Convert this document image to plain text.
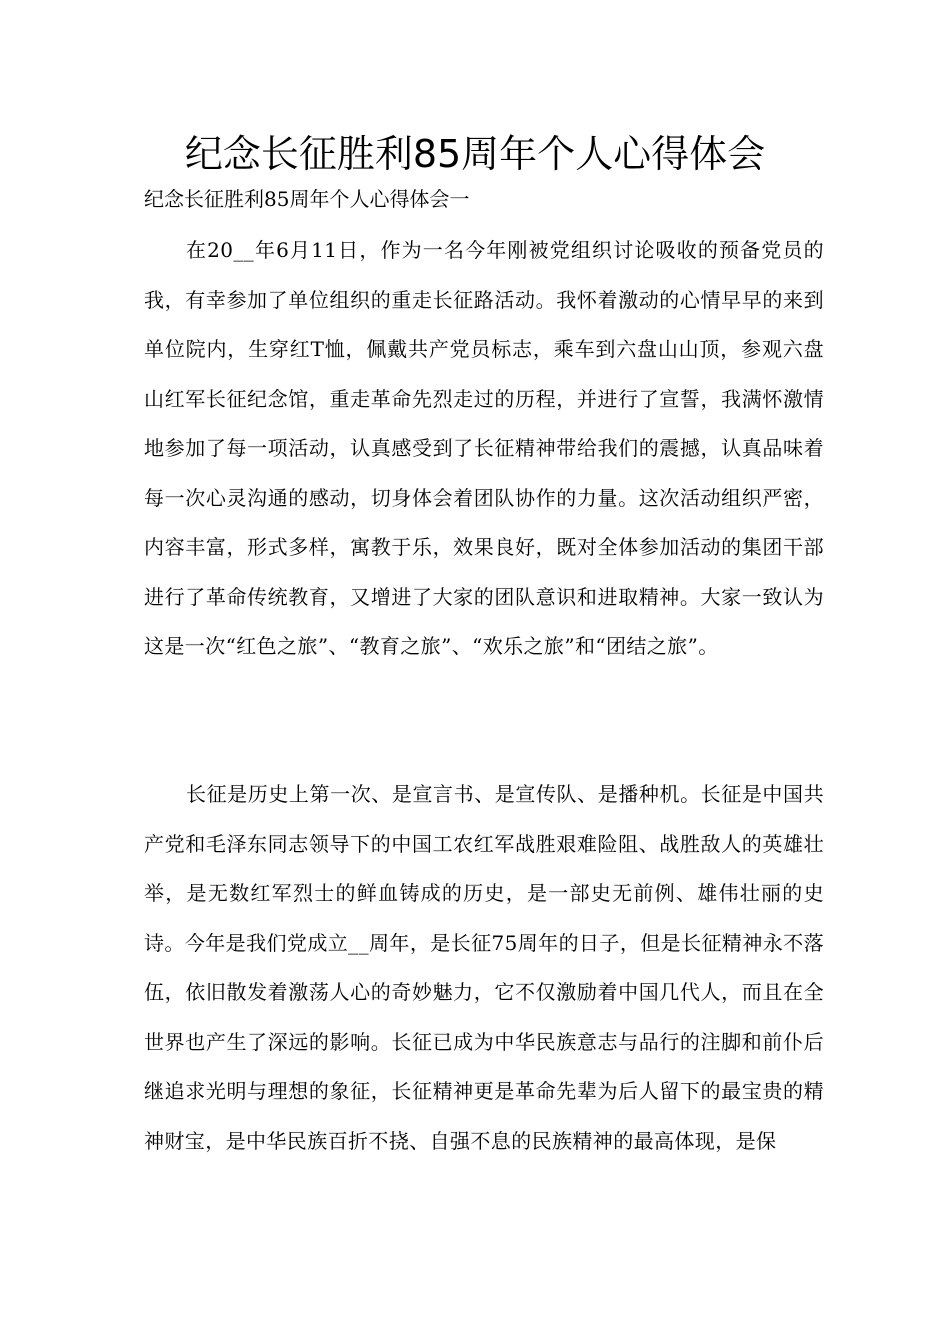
纪念长征胜利85周年个人心得体会

纪念长征胜利85周年个人心得体会一

在20__年6月11日，作为一名今年刚被党组织讨论吸收的预备党员的我，有幸参加了单位组织的重走长征路活动。我怀着激动的心情早早的来到单位院内，生穿红T恤，佩戴共产党员标志，乘车到六盘山山顶，参观六盘山红军长征纪念馆，重走革命先烈走过的历程，并进行了宣誓，我满怀激情地参加了每一项活动，认真感受到了长征精神带给我们的震撼，认真品味着每一次心灵沟通的感动，切身体会着团队协作的力量。这次活动组织严密，内容丰富，形式多样，寓教于乐，效果良好，既对全体参加活动的集团干部进行了革命传统教育，又增进了大家的团队意识和进取精神。大家一致认为这是一次“红色之旅”、“教育之旅”、“欢乐之旅”和“团结之旅”。

长征是历史上第一次、是宣言书、是宣传队、是播种机。长征是中国共产党和毛泽东同志领导下的中国工农红军战胜艰难险阻、战胜敌人的英雄壮举，是无数红军烈士的鲜血铸成的历史，是一部史无前例、雄伟壮丽的史诗。今年是我们党成立__周年，是长征75周年的日子，但是长征精神永不落伍，依旧散发着激荡人心的奇妙魅力，它不仅激励着中国几代人，而且在全世界也产生了深远的影响。长征已成为中华民族意志与品行的注脚和前仆后继追求光明与理想的象征，长征精神更是革命先辈为后人留下的最宝贵的精神财宝，是中华民族百折不挠、自强不息的民族精神的最高体现，是保
